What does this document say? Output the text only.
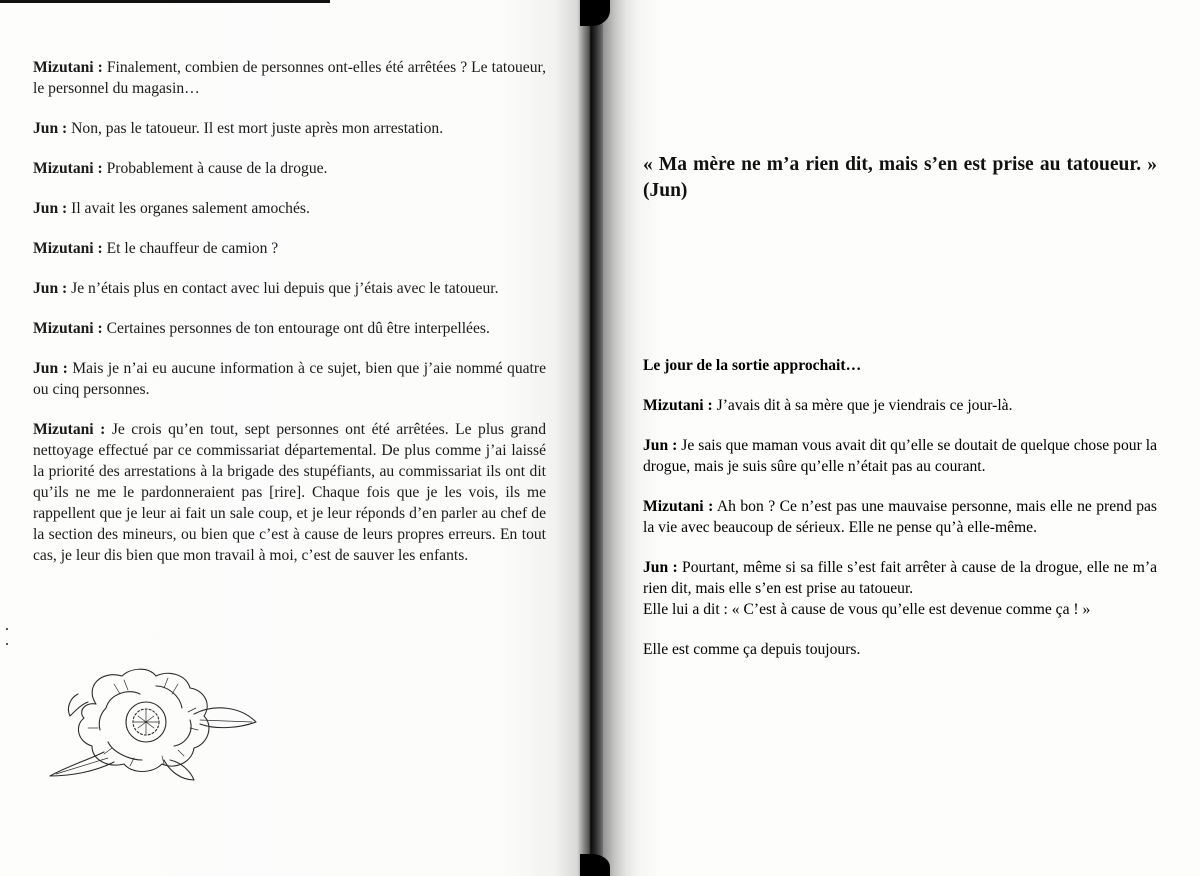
Mizutani : Finalement, combien de personnes ont-elles été arrêtées ? Le tatoueur, le personnel du magasin…

Jun : Non, pas le tatoueur. Il est mort juste après mon arrestation.

Mizutani : Probablement à cause de la drogue.

Jun : Il avait les organes salement amochés.

Mizutani : Et le chauffeur de camion ?

Jun : Je n’étais plus en contact avec lui depuis que j’étais avec le tatoueur.

Mizutani : Certaines personnes de ton entourage ont dû être interpellées.

Jun : Mais je n’ai eu aucune information à ce sujet, bien que j’aie nommé quatre ou cinq personnes.

Mizutani : Je crois qu’en tout, sept personnes ont été arrêtées. Le plus grand nettoyage effectué par ce commissariat départemental. De plus comme j’ai laissé la priorité des arrestations à la brigade des stupéfiants, au commissariat ils ont dit qu’ils ne me le pardonneraient pas [rire]. Chaque fois que je les vois, ils me rappellent que je leur ai fait un sale coup, et je leur réponds d’en parler au chef de la section des mineurs, ou bien que c’est à cause de leurs propres erreurs. En tout cas, je leur dis bien que mon travail à moi, c’est de sauver les enfants.

« Ma mère ne m’a rien dit, mais s’en est prise au tatoueur. » (Jun)

Le jour de la sortie approchait…

Mizutani : J’avais dit à sa mère que je viendrais ce jour-là.

Jun : Je sais que maman vous avait dit qu’elle se doutait de quelque chose pour la drogue, mais je suis sûre qu’elle n’était pas au courant.

Mizutani : Ah bon ? Ce n’est pas une mauvaise personne, mais elle ne prend pas la vie avec beaucoup de sérieux. Elle ne pense qu’à elle-même.

Jun : Pourtant, même si sa fille s’est fait arrêter à cause de la drogue, elle ne m’a rien dit, mais elle s’en est prise au tatoueur.

Elle lui a dit : « C’est à cause de vous qu’elle est devenue comme ça ! »

Elle est comme ça depuis toujours.
